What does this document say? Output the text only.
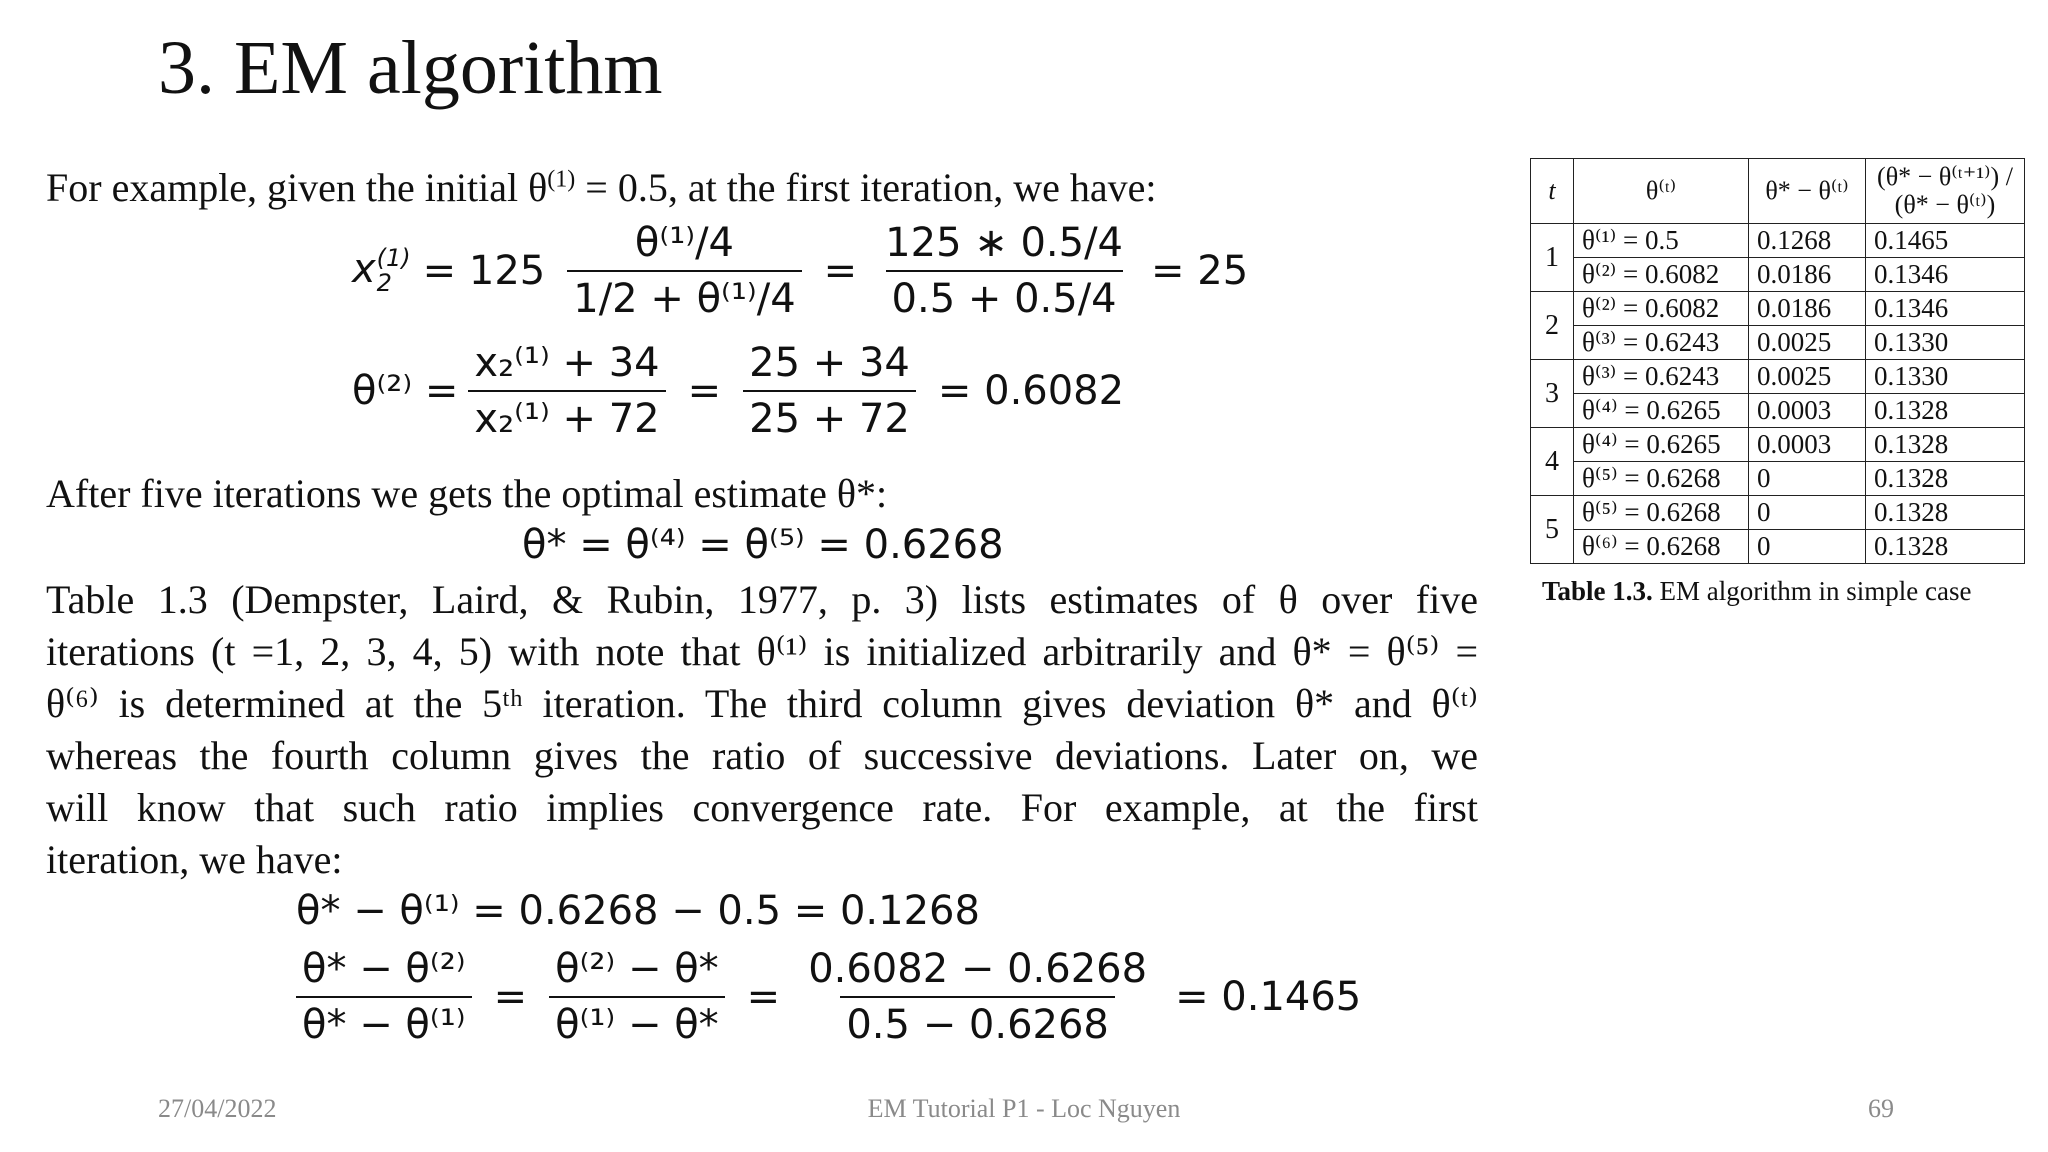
3. EM algorithm
For example, given the initial $\theta^{(1)} = 0.5$, at the first iteration, we have:
x (1)
$2 = 125 \frac{\text{θ⁽¹⁾/4}}{\text{1/2 + θ⁽¹⁾/4}} = \frac{125 ∗ 0.5/4}{0.5 + 0.5/4} = 25$
$\theta^{(2)} = \frac{\text{x₂⁽¹⁾ + 34}}{\text{x₂⁽¹⁾ + 72}} = \frac{25 + 34}{25 + 72} = 0.6082$
After five iterations we gets the optimal estimate θ*:
θ* = θ⁽⁴⁾ = θ⁽⁵⁾ = 0.6268
Table 1.3 (Dempster, Laird, & Rubin, 1977, p. 3) lists estimates of θ over five
iterations (t =1, 2, 3, 4, 5) with note that θ⁽¹⁾ is initialized arbitrarily and θ* = θ⁽⁵⁾ =
θ⁽⁶⁾ is determined at the 5ᵗʰ iteration. The third column gives deviation θ* and θ⁽ᵗ⁾
whereas the fourth column gives the ratio of successive deviations. Later on, we
will know that such ratio implies convergence rate. For example, at the first
iteration, we have:
θ* − θ⁽¹⁾ = 0.6268 − 0.5 = 0.1268
$\frac{\text{θ* − θ⁽²⁾}}{\text{θ* − θ⁽¹⁾}} = \frac{\text{θ⁽²⁾ − θ*}}{\text{θ⁽¹⁾ − θ*}} = \frac{0.6082 - 0.6268}{0.5 - 0.6268} = 0.1465$
t	θ⁽ᵗ⁾	θ* − θ⁽ᵗ⁾	(θ* − θ⁽ᵗ⁺¹⁾) /
(θ* − θ⁽ᵗ⁾)

1	θ⁽¹⁾ = 0.5	0.1268	0.1465
	θ⁽²⁾ = 0.6082	0.0186	0.1346
2	θ⁽²⁾ = 0.6082	0.0186	0.1346
	θ⁽³⁾ = 0.6243	0.0025	0.1330
3	θ⁽³⁾ = 0.6243	0.0025	0.1330
	θ⁽⁴⁾ = 0.6265	0.0003	0.1328
4	θ⁽⁴⁾ = 0.6265	0.0003	0.1328
	θ⁽⁵⁾ = 0.6268	0	0.1328
5	θ⁽⁵⁾ = 0.6268	0	0.1328
	θ⁽⁶⁾ = 0.6268	0	0.1328
Table 1.3. EM algorithm in simple case
27/04/2022	EM Tutorial P1 - Loc Nguyen	69
